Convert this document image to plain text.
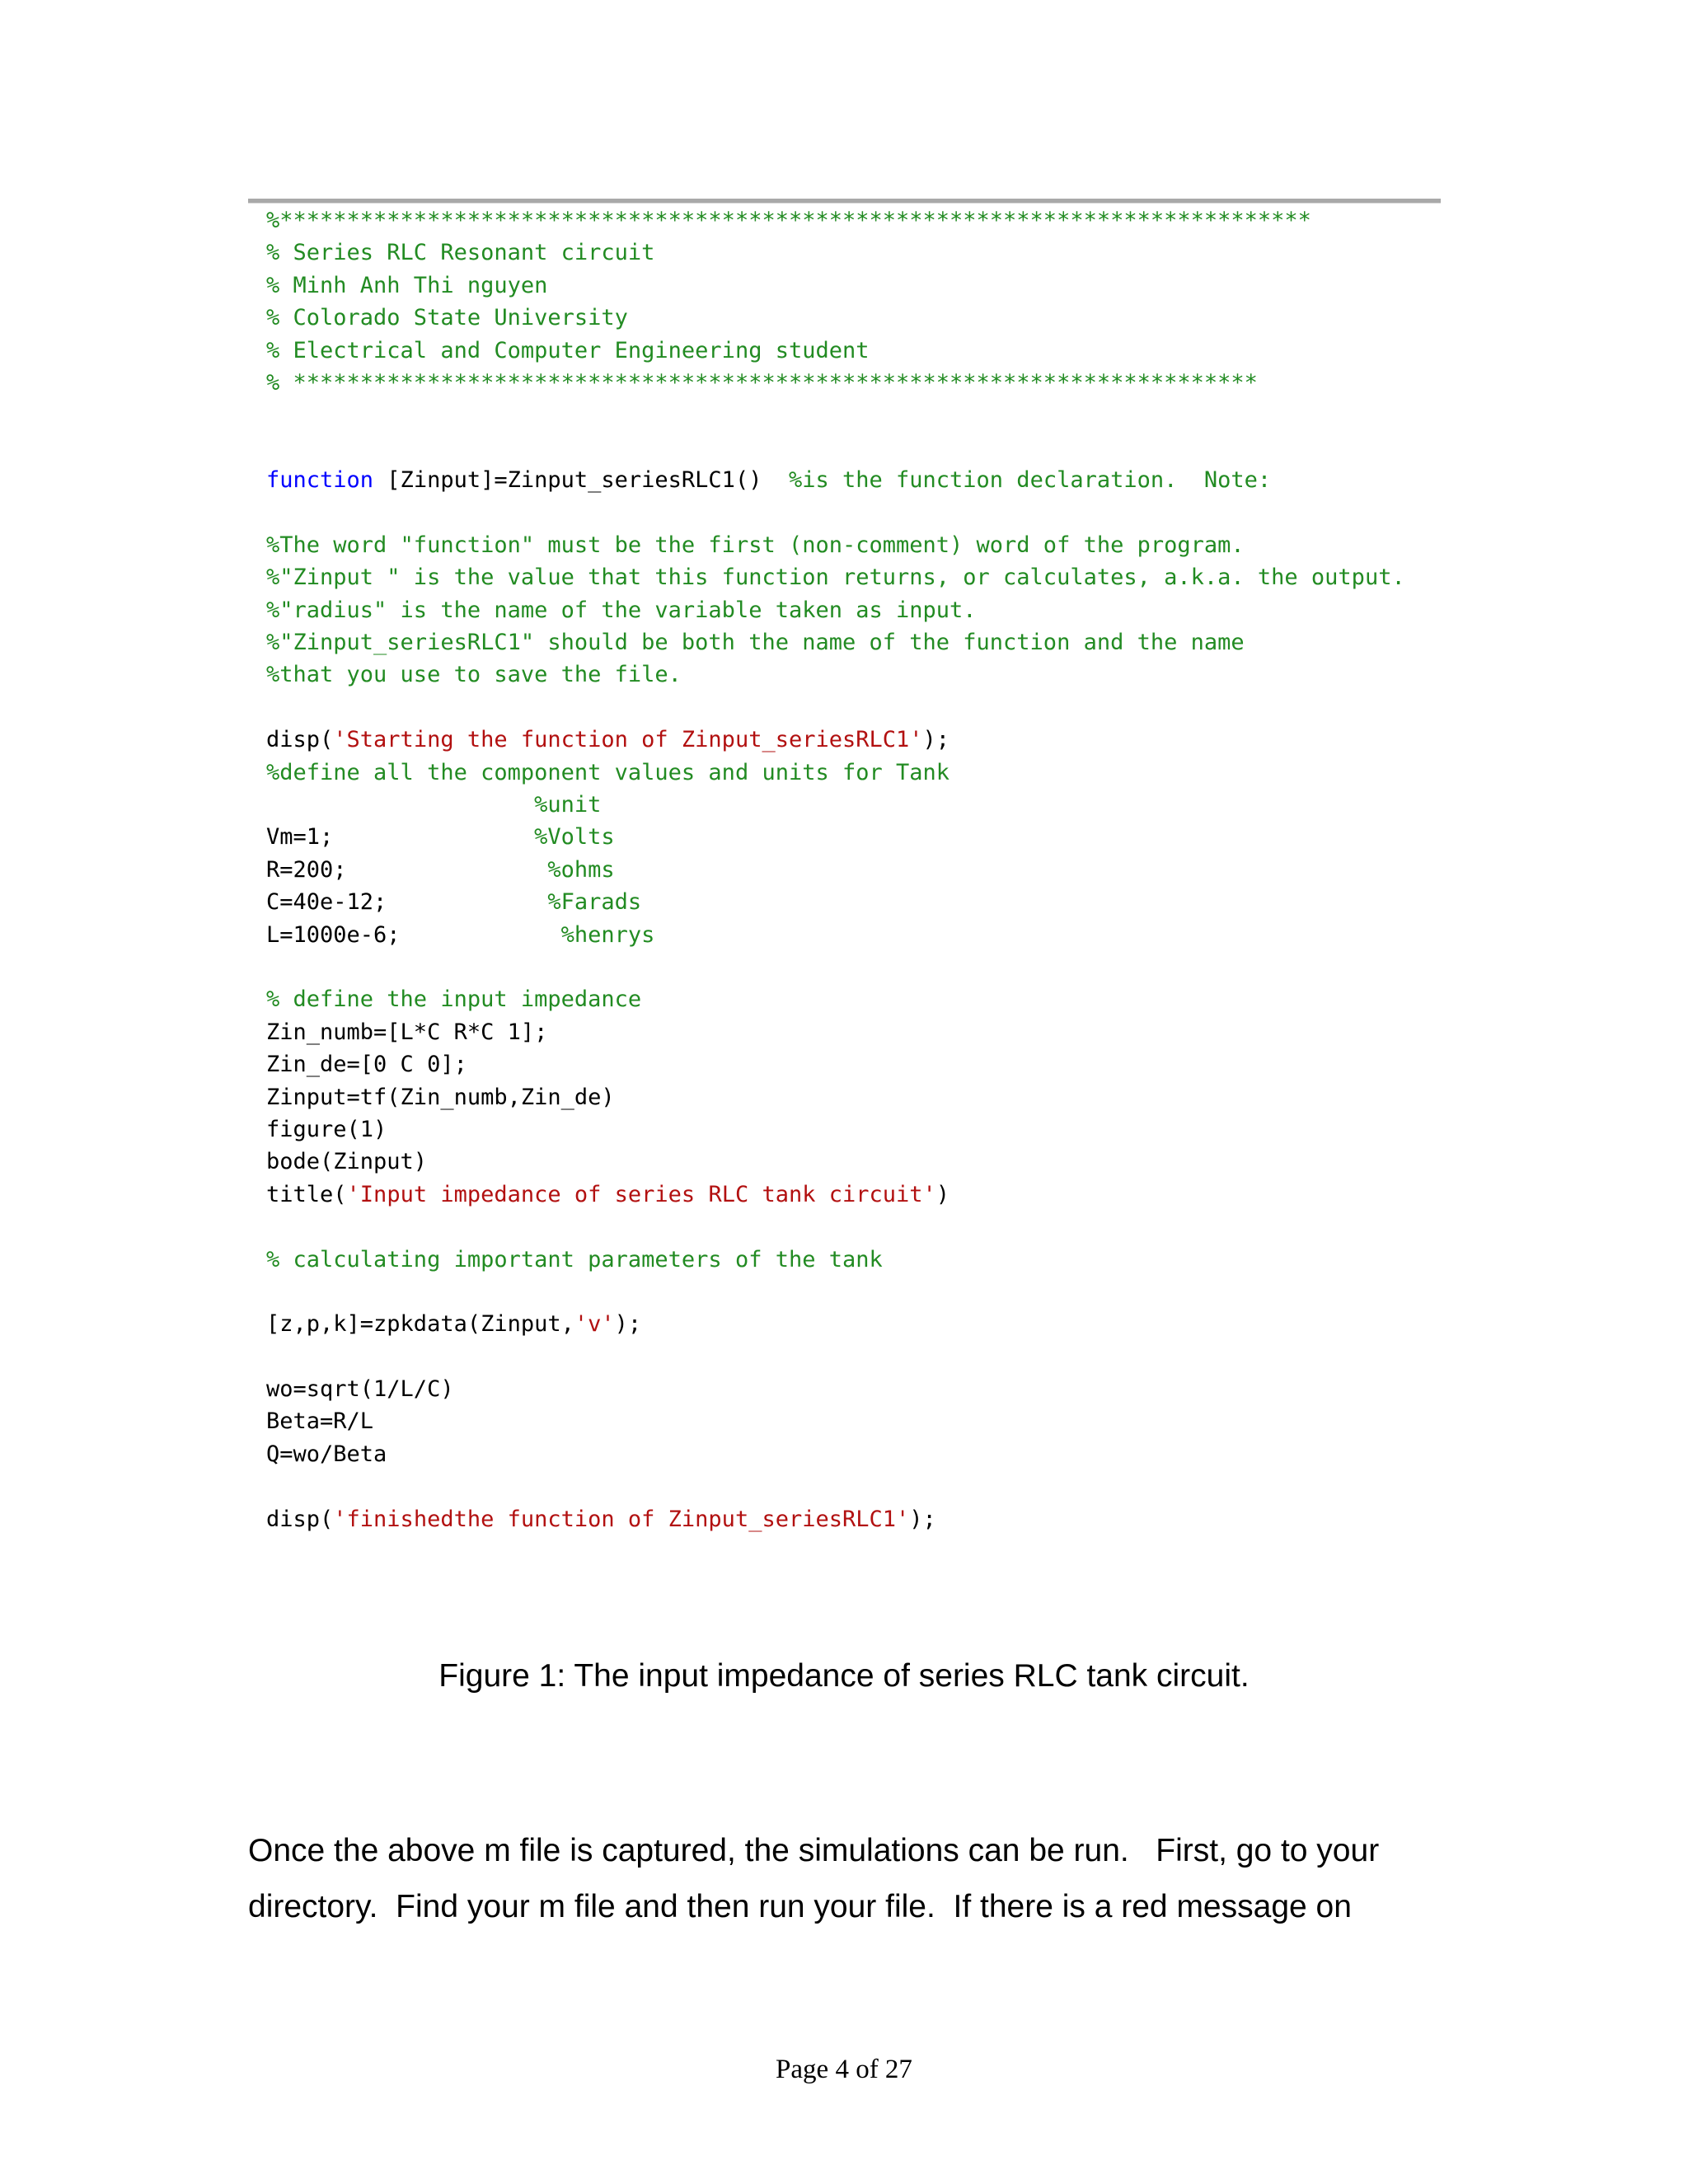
%*****************************************************************************
% Series RLC Resonant circuit
% Minh Anh Thi nguyen
% Colorado State University
% Electrical and Computer Engineering student
% ************************************************************************

function [Zinput]=Zinput_seriesRLC1()  %is the function declaration.  Note:

%The word "function" must be the first (non-comment) word of the program.
%"Zinput " is the value that this function returns, or calculates, a.k.a. the output.
%"radius" is the name of the variable taken as input.
%"Zinput_seriesRLC1" should be both the name of the function and the name
%that you use to save the file.

disp('Starting the function of Zinput_seriesRLC1');
%define all the component values and units for Tank
%unit
Vm=1;               %Volts
R=200;               %ohms
C=40e-12;            %Farads
L=1000e-6;            %henrys

% define the input impedance
Zin_numb=[L*C R*C 1];
Zin_de=[0 C 0];
Zinput=tf(Zin_numb,Zin_de)
figure(1)
bode(Zinput)
title('Input impedance of series RLC tank circuit')

% calculating important parameters of the tank

[z,p,k]=zpkdata(Zinput,'v');

wo=sqrt(1/L/C)
Beta=R/L
Q=wo/Beta

disp('finishedthe function of Zinput_seriesRLC1');
Figure 1: The input impedance of series RLC tank circuit.
Once the above m file is captured, the simulations can be run.   First, go to your
directory.  Find your m file and then run your file.  If there is a red message on
Page 4 of 27
